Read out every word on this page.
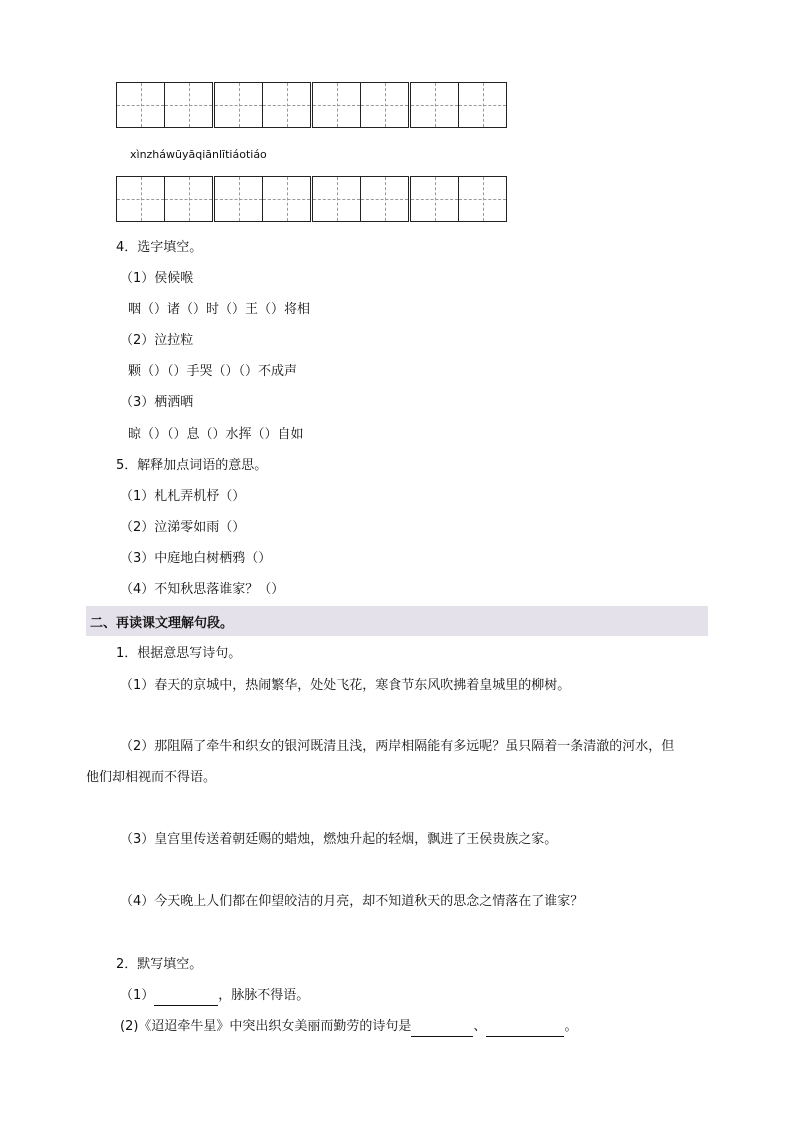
xìnzháwūyāqiānlītiáotiáo
4．选字填空。
（1）侯候喉
咽（）诸（）时（）王（）将相
（2）泣拉粒
颗（）（）手哭（）（）不成声
（3）栖洒晒
晾（）（）息（）水挥（）自如
5．解释加点词语的意思。
（1）札札弄机杼（）
（2）泣涕零如雨（）
（3）中庭地白树栖鸦（）
（4）不知秋思落谁家？（）
二、再读课文理解句段。
1．根据意思写诗句。
（1）春天的京城中，热闹繁华，处处飞花，寒食节东风吹拂着皇城里的柳树。
（2）那阻隔了牵牛和织女的银河既清且浅，两岸相隔能有多远呢？虽只隔着一条清澈的河水，但
他们却相视而不得语。
（3）皇宫里传送着朝廷赐的蜡烛，燃烛升起的轻烟，飘进了王侯贵族之家。
（4）今天晚上人们都在仰望皎洁的月亮，却不知道秋天的思念之情落在了谁家？
2．默写填空。
（1）	，脉脉不得语。
(2)《迢迢牵牛星》中突出织女美丽而勤劳的诗句是	、	。
